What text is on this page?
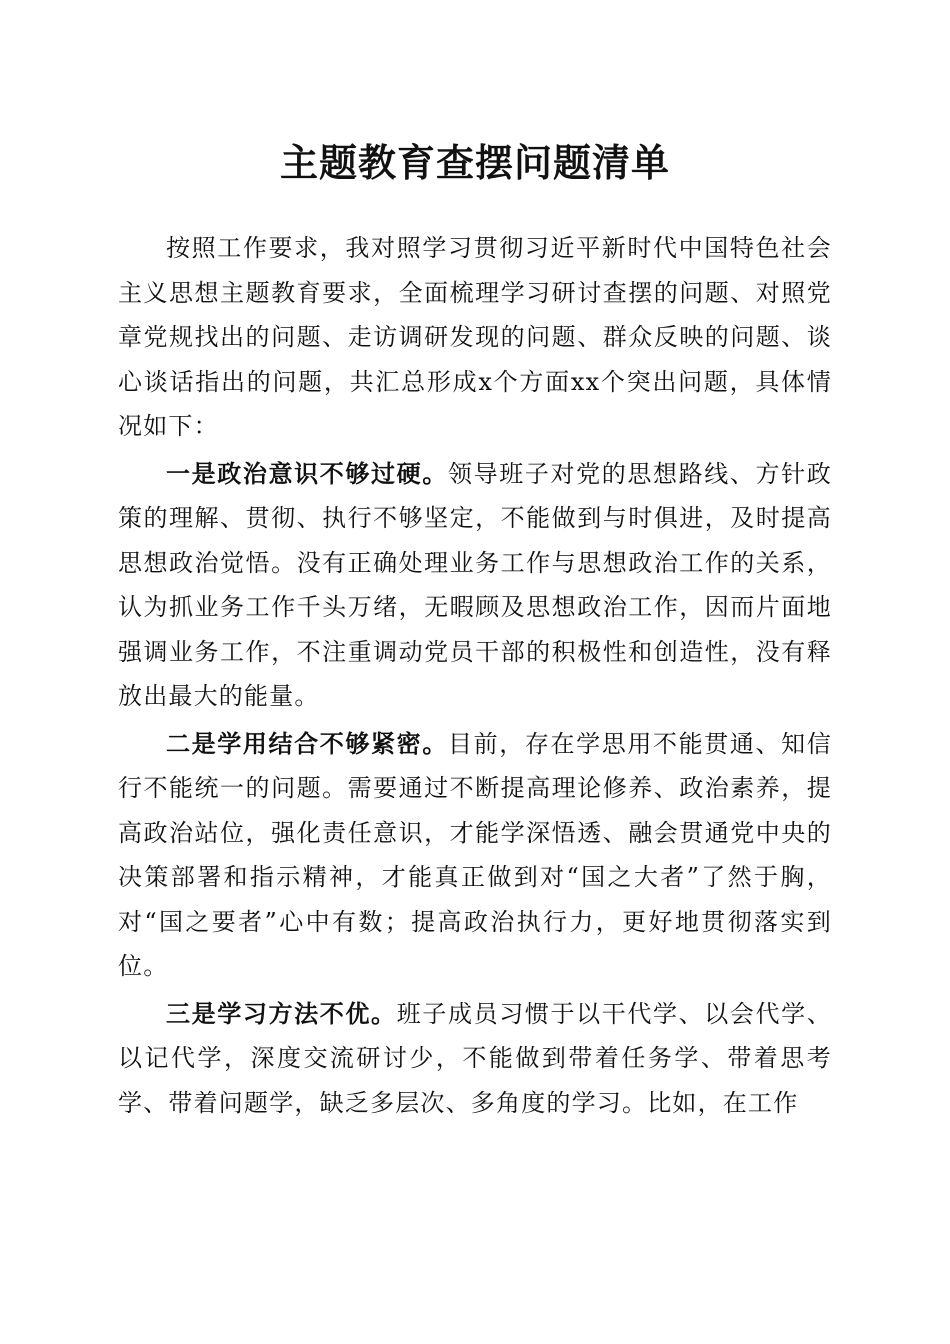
主题教育查摆问题清单

按照工作要求，我对照学习贯彻习近平新时代中国特色社会主义思想主题教育要求，全面梳理学习研讨查摆的问题、对照党章党规找出的问题、走访调研发现的问题、群众反映的问题、谈心谈话指出的问题，共汇总形成x个方面xx个突出问题，具体情况如下：

一是政治意识不够过硬。领导班子对党的思想路线、方针政策的理解、贯彻、执行不够坚定，不能做到与时俱进，及时提高思想政治觉悟。没有正确处理业务工作与思想政治工作的关系，认为抓业务工作千头万绪，无暇顾及思想政治工作，因而片面地强调业务工作，不注重调动党员干部的积极性和创造性，没有释放出最大的能量。

二是学用结合不够紧密。目前，存在学思用不能贯通、知信行不能统一的问题。需要通过不断提高理论修养、政治素养，提高政治站位，强化责任意识，才能学深悟透、融会贯通党中央的决策部署和指示精神，才能真正做到对“国之大者”了然于胸，对“国之要者”心中有数；提高政治执行力，更好地贯彻落实到位。

三是学习方法不优。班子成员习惯于以干代学、以会代学、以记代学，深度交流研讨少，不能做到带着任务学、带着思考学、带着问题学，缺乏多层次、多角度的学习。比如，在工作
